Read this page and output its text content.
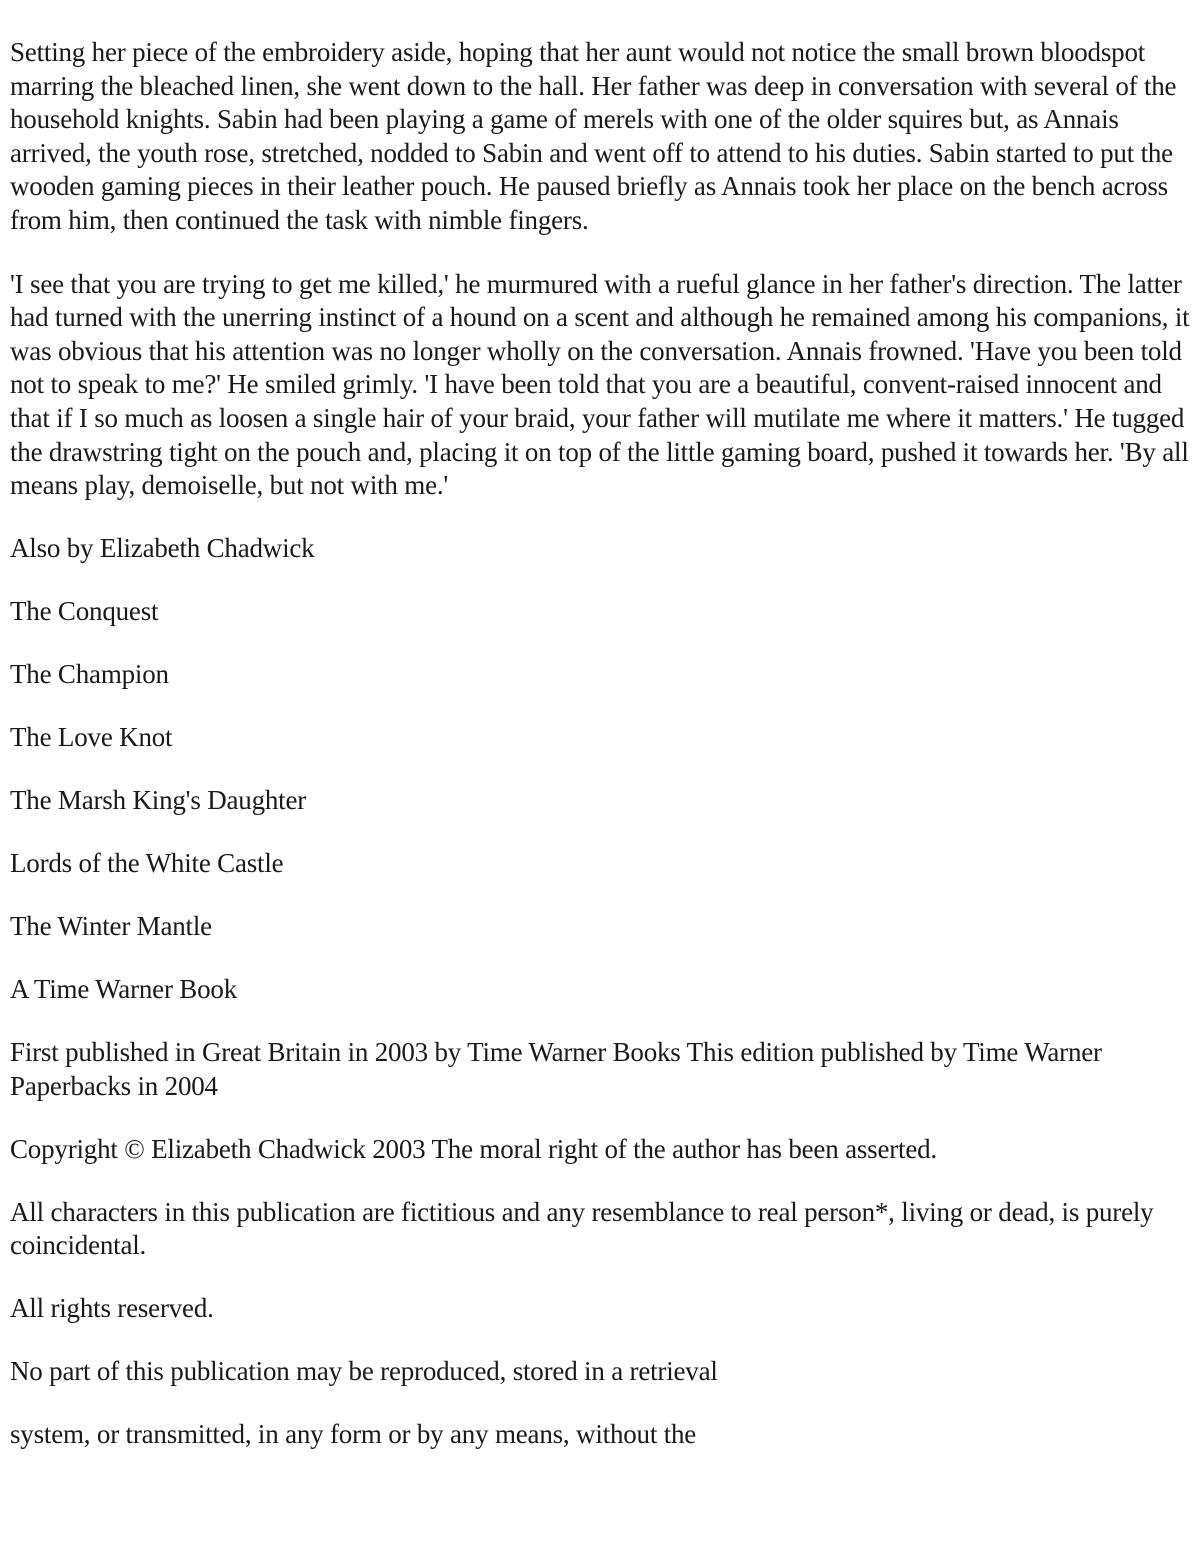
Setting her piece of the embroidery aside, hoping that her aunt would not notice the small brown bloodspot marring the bleached linen, she went down to the hall. Her father was deep in conversation with several of the household knights. Sabin had been playing a game of merels with one of the older squires but, as Annais arrived, the youth rose, stretched, nodded to Sabin and went off to attend to his duties. Sabin started to put the wooden gaming pieces in their leather pouch. He paused briefly as Annais took her place on the bench across from him, then continued the task with nimble fingers.

'I see that you are trying to get me killed,' he murmured with a rueful glance in her father's direction. The latter had turned with the unerring instinct of a hound on a scent and although he remained among his companions, it was obvious that his attention was no longer wholly on the conversation. Annais frowned. 'Have you been told not to speak to me?' He smiled grimly. 'I have been told that you are a beautiful, convent-raised innocent and that if I so much as loosen a single hair of your braid, your father will mutilate me where it matters.' He tugged the drawstring tight on the pouch and, placing it on top of the little gaming board, pushed it towards her. 'By all means play, demoiselle, but not with me.'

Also by Elizabeth Chadwick

The Conquest

The Champion

The Love Knot

The Marsh King's Daughter

Lords of the White Castle

The Winter Mantle

A Time Warner Book

First published in Great Britain in 2003 by Time Warner Books This edition published by Time Warner Paperbacks in 2004

Copyright © Elizabeth Chadwick 2003 The moral right of the author has been asserted.

All characters in this publication are fictitious and any resemblance to real person*, living or dead, is purely coincidental.

All rights reserved.

No part of this publication may be reproduced, stored in a retrieval

system, or transmitted, in any form or by any means, without the
